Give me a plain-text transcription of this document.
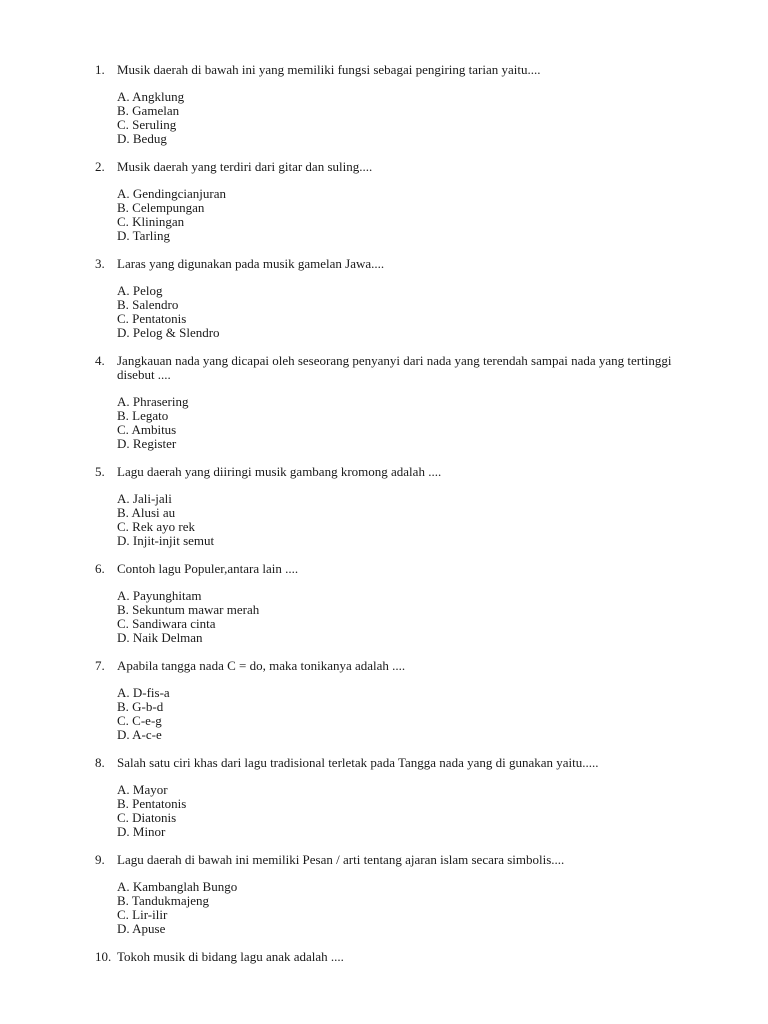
1. Musik daerah di bawah ini yang memiliki fungsi sebagai pengiring tarian yaitu....
A. Angklung
B. Gamelan
C. Seruling
D. Bedug
2. Musik daerah yang terdiri dari gitar dan suling....
A. Gendingcianjuran
B. Celempungan
C. Kliningan
D. Tarling
3. Laras yang digunakan pada musik gamelan Jawa....
A. Pelog
B. Salendro
C. Pentatonis
D. Pelog & Slendro
4. Jangkauan nada yang dicapai oleh seseorang penyanyi dari nada yang terendah sampai nada yang tertinggi disebut ....
A. Phrasering
B. Legato
C. Ambitus
D. Register
5. Lagu daerah yang diiringi musik gambang kromong adalah ....
A. Jali-jali
B. Alusi au
C. Rek ayo rek
D. Injit-injit semut
6. Contoh lagu Populer,antara lain ....
A. Payunghitam
B. Sekuntum mawar merah
C. Sandiwara cinta
D. Naik Delman
7. Apabila tangga nada C = do, maka tonikanya adalah ....
A. D-fis-a
B. G-b-d
C. C-e-g
D. A-c-e
8. Salah satu ciri khas dari lagu tradisional terletak pada Tangga nada yang di gunakan yaitu.....
A. Mayor
B. Pentatonis
C. Diatonis
D. Minor
9. Lagu daerah di bawah ini memiliki Pesan / arti tentang ajaran islam secara simbolis....
A. Kambanglah Bungo
B. Tandukmajeng
C. Lir-ilir
D. Apuse
10. Tokoh musik di bidang lagu anak adalah ....
